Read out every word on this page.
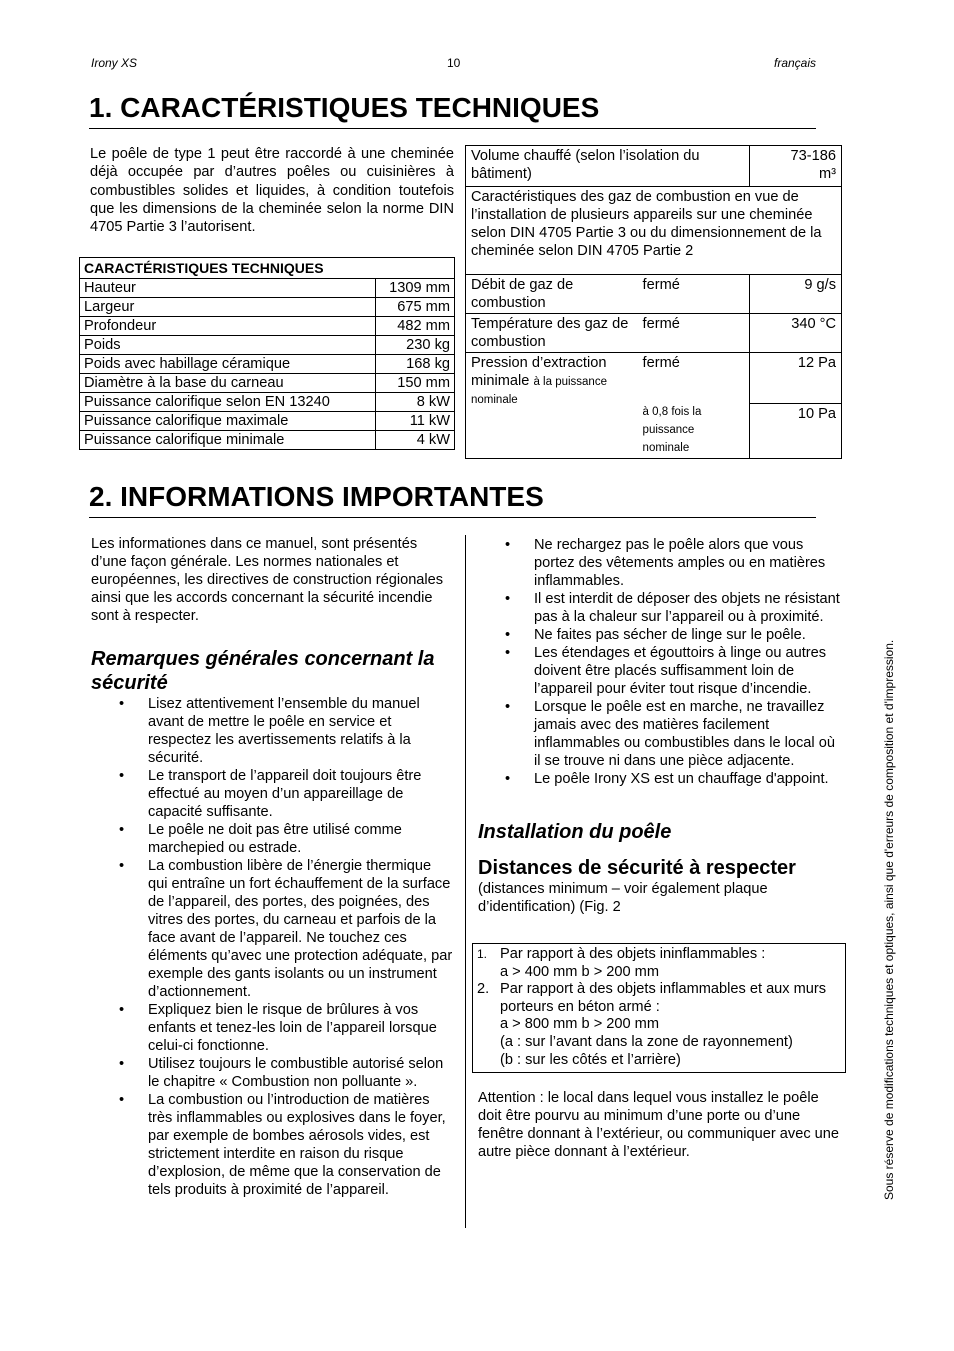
Irony XS	10	français
1. CARACTÉRISTIQUES TECHNIQUES
Le poêle de type 1 peut être raccordé à une cheminée déjà occupée par d’autres poêles ou cuisinières à combustibles solides et liquides, à condition toutefois que les dimensions de la cheminée selon la norme DIN 4705 Partie 3 l’autorisent.
CARACTÉRISTIQUES TECHNIQUES	
Hauteur	1309 mm
Largeur	675 mm
Profondeur	482 mm
Poids	230 kg
Poids avec habillage céramique	168 kg
Diamètre à la base du carneau	150 mm
Puissance calorifique selon EN 13240	8 kW
Puissance calorifique maximale	11 kW
Puissance calorifique minimale	4 kW
Volume chauffé (selon l’isolation du bâtiment)		73-186 m³

Caractéristiques des gaz de combustion en vue de l’installation de plusieurs appareils sur une cheminée selon DIN 4705 Partie 3 ou du dimensionnement de la cheminée selon DIN 4705 Partie 2		
Débit de gaz de combustion	fermé	9 g/s
Température des gaz de combustion	fermé	340 °C
Pression d’extraction minimale à la puissance nominale	fermé	12 Pa
	à 0,8 fois la puissance nominale	10 Pa
2. INFORMATIONS IMPORTANTES
Les informationes dans ce manuel, sont présentés d’une façon générale. Les normes nationales et européennes, les directives de construction régionales ainsi que les accords concernant la sécurité incendie sont à respecter.
Remarques générales concernant la sécurité
• Lisez attentivement l’ensemble du manuel avant de mettre le poêle en service et respectez les avertissements relatifs à la sécurité.
• Le transport de l’appareil doit toujours être effectué au moyen d’un appareillage de capacité suffisante.
• Le poêle ne doit pas être utilisé comme marchepied ou estrade.
• La combustion libère de l’énergie thermique qui entraîne un fort échauffement de la surface de l’appareil, des portes, des poignées, des vitres des portes, du carneau et parfois de la face avant de l’appareil. Ne touchez ces éléments qu’avec une protection adéquate, par exemple des gants isolants ou un instrument d’actionnement.
• Expliquez bien le risque de brûlures à vos enfants et tenez-les loin de l’appareil lorsque celui-ci fonctionne.
• Utilisez toujours le combustible autorisé selon le chapitre « Combustion non polluante ».
• La combustion ou l’introduction de matières très inflammables ou explosives dans le foyer, par exemple de bombes aérosols vides, est strictement interdite en raison du risque d’explosion, de même que la conservation de tels produits à proximité de l’appareil.
• Ne rechargez pas le poêle alors que vous portez des vêtements amples ou en matières inflammables.
• Il est interdit de déposer des objets ne résistant pas à la chaleur sur l’appareil ou à proximité.
• Ne faites pas sécher de linge sur le poêle.
• Les étendages et égouttoirs à linge ou autres doivent être placés suffisamment loin de l’appareil pour éviter tout risque d’incendie.
• Lorsque le poêle est en marche, ne travaillez jamais avec des matières facilement inflammables ou combustibles dans le local où il se trouve ni dans une pièce adjacente.
• Le poêle Irony XS est un chauffage d'appoint.
Installation du poêle
Distances de sécurité à respecter
(distances minimum – voir également plaque d’identification) (Fig. 2
1. Par rapport à des objets ininflammables :
a > 400 mm b > 200 mm
2. Par rapport à des objets inflammables et aux murs porteurs en béton armé :
a > 800 mm b > 200 mm
(a : sur l’avant dans la zone de rayonnement)
(b : sur les côtés et l’arrière)
Attention : le local dans lequel vous installez le poêle doit être pourvu au minimum d’une porte ou d’une fenêtre donnant à l’extérieur, ou communiquer avec une autre pièce donnant à l’extérieur.	Sous réserve de modifications techniques et optiques, ainsi que d'erreurs de composition et d'impression.
